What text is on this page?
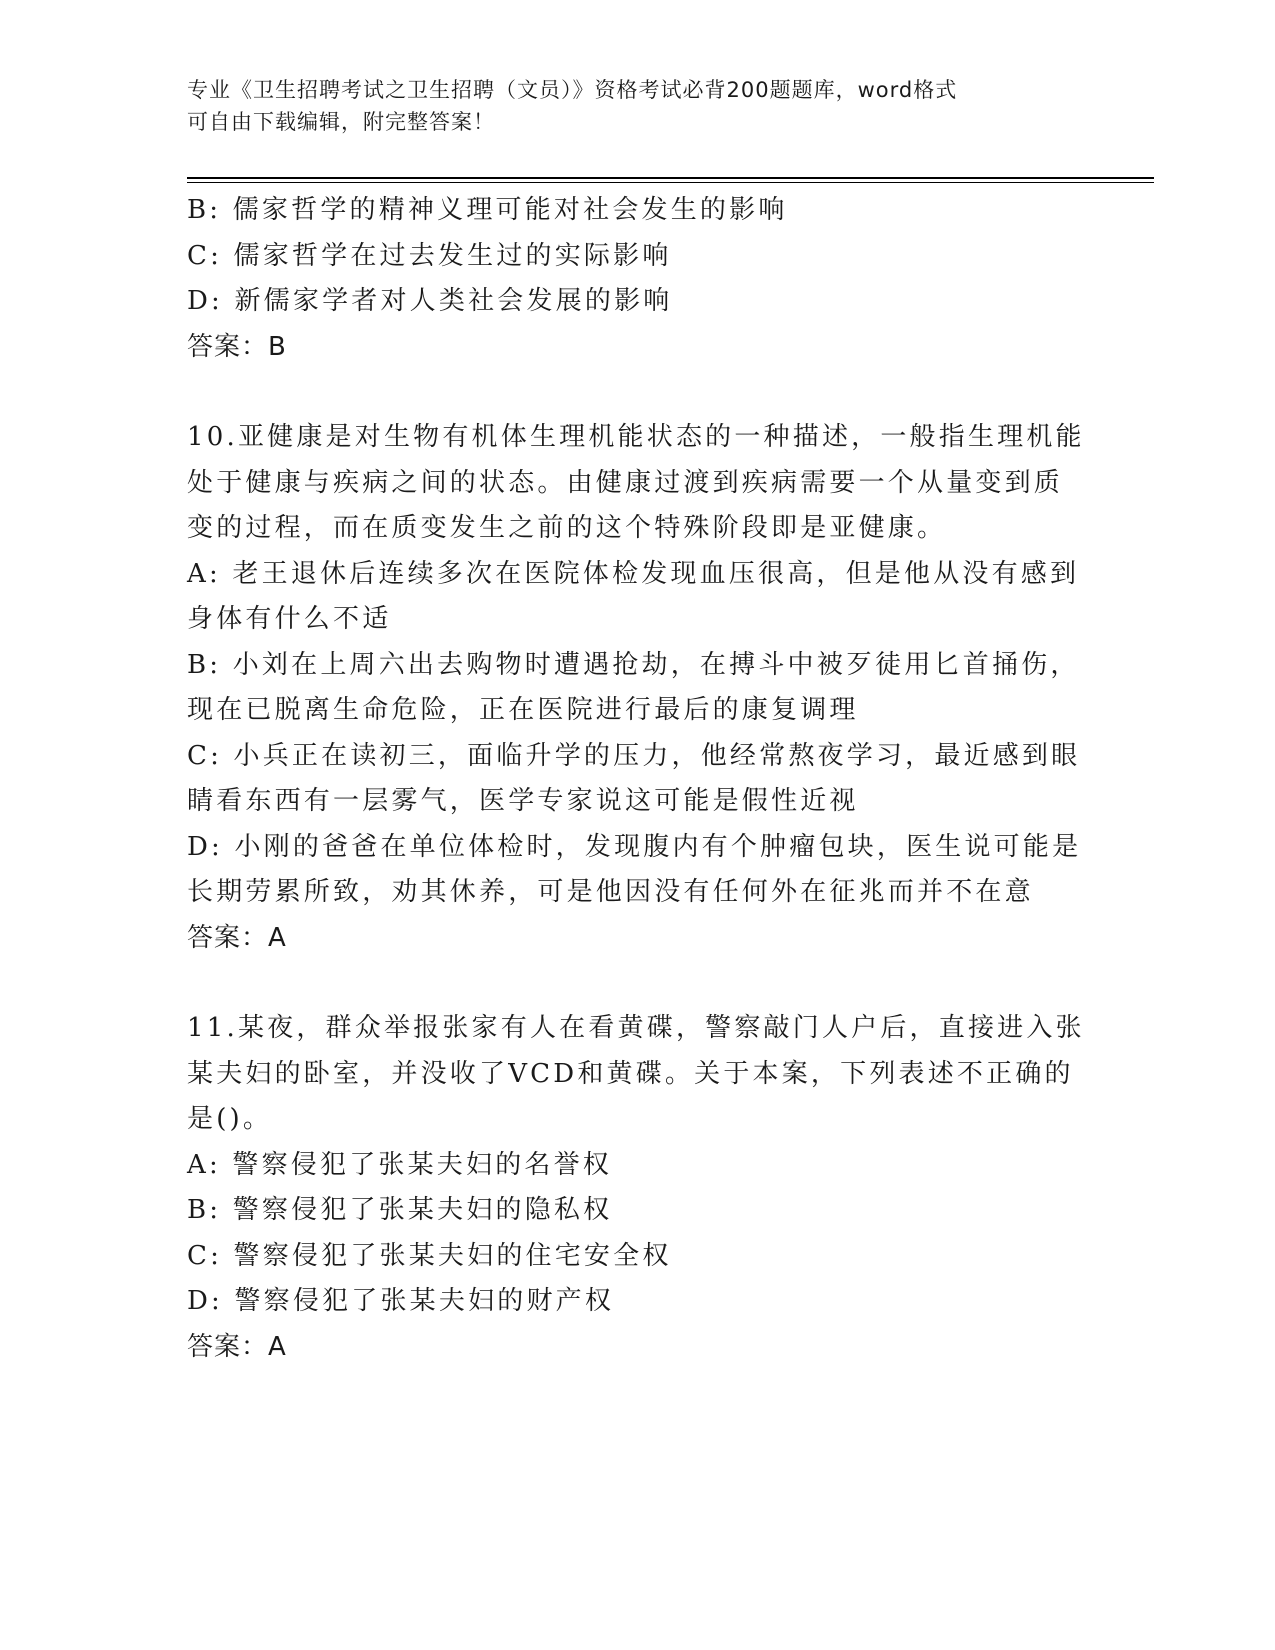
专业《卫生招聘考试之卫生招聘（文员）》资格考试必背200题题库，word格式

可自由下载编辑，附完整答案！

B: 儒家哲学的精神义理可能对社会发生的影响

C: 儒家哲学在过去发生过的实际影响

D: 新儒家学者对人类社会发展的影响

答案：B

10.亚健康是对生物有机体生理机能状态的一种描述，一般指生理机能

处于健康与疾病之间的状态。由健康过渡到疾病需要一个从量变到质

变的过程，而在质变发生之前的这个特殊阶段即是亚健康。

A: 老王退休后连续多次在医院体检发现血压很高，但是他从没有感到

身体有什么不适

B: 小刘在上周六出去购物时遭遇抢劫，在搏斗中被歹徒用匕首捅伤，

现在已脱离生命危险，正在医院进行最后的康复调理

C: 小兵正在读初三，面临升学的压力，他经常熬夜学习，最近感到眼

睛看东西有一层雾气，医学专家说这可能是假性近视

D: 小刚的爸爸在单位体检时，发现腹内有个肿瘤包块，医生说可能是

长期劳累所致，劝其休养，可是他因没有任何外在征兆而并不在意

答案：A

11.某夜，群众举报张家有人在看黄碟，警察敲门人户后，直接进入张

某夫妇的卧室，并没收了VCD和黄碟。关于本案，下列表述不正确的

是()。

A: 警察侵犯了张某夫妇的名誉权

B: 警察侵犯了张某夫妇的隐私权

C: 警察侵犯了张某夫妇的住宅安全权

D: 警察侵犯了张某夫妇的财产权

答案：A
